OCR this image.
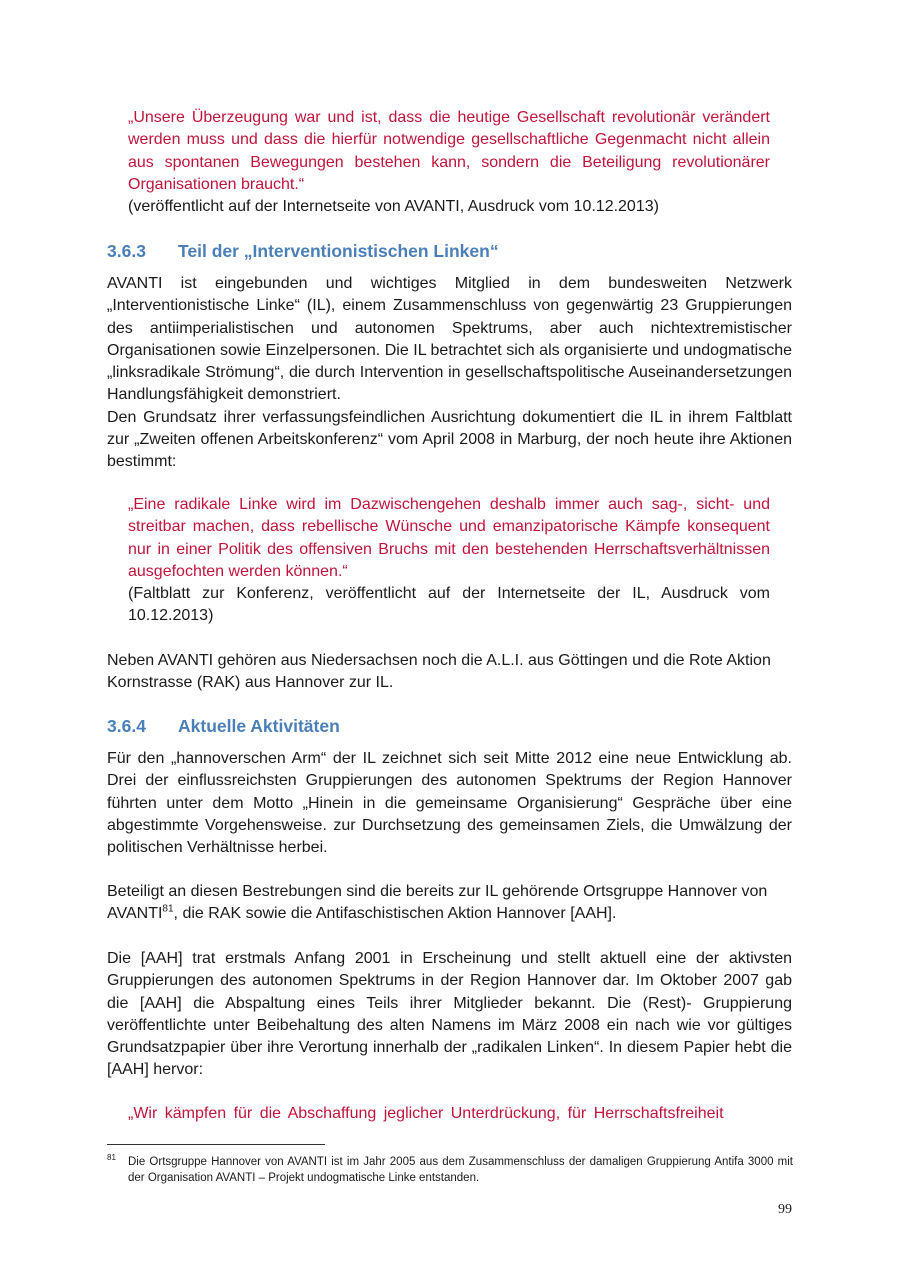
„Unsere Überzeugung war und ist, dass die heutige Gesellschaft revolutionär verändert werden muss und dass die hierfür notwendige gesellschaftliche Gegenmacht nicht allein aus spontanen Bewegungen bestehen kann, sondern die Beteiligung revolutionärer Organisationen braucht.“

(veröffentlicht auf der Internetseite von AVANTI, Ausdruck vom 10.12.2013)

3.6.3 Teil der „Interventionistischen Linken“

AVANTI ist eingebunden und wichtiges Mitglied in dem bundesweiten Netzwerk „Interventionistische Linke“ (IL), einem Zusammenschluss von gegenwärtig 23 Gruppierungen des antiimperialistischen und autonomen Spektrums, aber auch nichtextremistischer Organisationen sowie Einzelpersonen. Die IL betrachtet sich als organisierte und undogmatische „linksradikale Strömung“, die durch Intervention in gesellschaftspolitische Auseinandersetzungen Handlungsfähigkeit demonstriert.

Den Grundsatz ihrer verfassungsfeindlichen Ausrichtung dokumentiert die IL in ihrem Faltblatt zur „Zweiten offenen Arbeitskonferenz“ vom April 2008 in Marburg, der noch heute ihre Aktionen bestimmt:

„Eine radikale Linke wird im Dazwischengehen deshalb immer auch sag-, sicht- und streitbar machen, dass rebellische Wünsche und emanzipatorische Kämpfe konsequent nur in einer Politik des offensiven Bruchs mit den bestehenden Herrschaftsverhältnissen ausgefochten werden können.“

(Faltblatt zur Konferenz, veröffentlicht auf der Internetseite der IL, Ausdruck vom 10.12.2013)

Neben AVANTI gehören aus Niedersachsen noch die A.L.I. aus Göttingen und die Rote Aktion Kornstrasse (RAK) aus Hannover zur IL.

3.6.4 Aktuelle Aktivitäten

Für den „hannoverschen Arm“ der IL zeichnet sich seit Mitte 2012 eine neue Entwicklung ab. Drei der einflussreichsten Gruppierungen des autonomen Spektrums der Region Hannover führten unter dem Motto „Hinein in die gemeinsame Organisierung“ Gespräche über eine abgestimmte Vorgehensweise. zur Durchsetzung des gemeinsamen Ziels, die Umwälzung der politischen Verhältnisse herbei.

Beteiligt an diesen Bestrebungen sind die bereits zur IL gehörende Ortsgruppe Hannover von AVANTI$^{81}$, die RAK sowie die Antifaschistischen Aktion Hannover [AAH].

Die [AAH] trat erstmals Anfang 2001 in Erscheinung und stellt aktuell eine der aktivsten Gruppierungen des autonomen Spektrums in der Region Hannover dar. Im Oktober 2007 gab die [AAH] die Abspaltung eines Teils ihrer Mitglieder bekannt. Die (Rest)- Gruppierung veröffentlichte unter Beibehaltung des alten Namens im März 2008 ein nach wie vor gültiges Grundsatzpapier über ihre Verortung innerhalb der „radikalen Linken“. In diesem Papier hebt die [AAH] hervor:

„Wir kämpfen für die Abschaffung jeglicher Unterdrückung, für Herrschaftsfreiheit

81 Die Ortsgruppe Hannover von AVANTI ist im Jahr 2005 aus dem Zusammenschluss der damaligen Gruppierung Antifa 3000 mit der Organisation AVANTI – Projekt undogmatische Linke entstanden.
99
